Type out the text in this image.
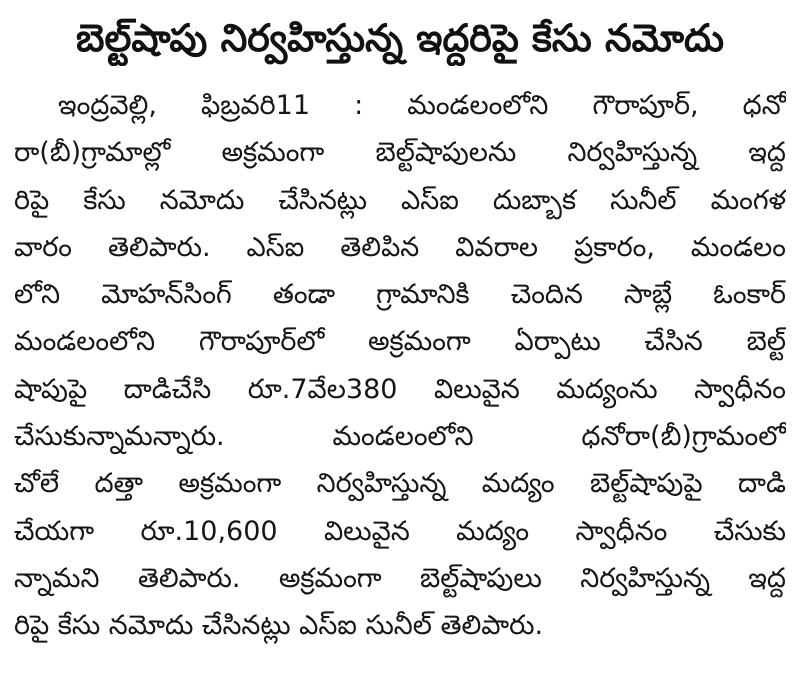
బెల్ట్‌షాపు నిర్వహిస్తున్న ఇద్దరిపై కేసు నమోదు
ఇంద్రవెల్లి, ఫిబ్రవరి11 : మండలంలోని గౌరాపూర్‌, ధనో
రా(బీ)గ్రామాల్లో అక్రమంగా బెల్ట్‌షాపులను నిర్వహిస్తున్న ఇద్ద
రిపై కేసు నమోదు చేసినట్లు ఎస్‌ఐ దుబ్బాక సునీల్‌ మంగళ
వారం తెలిపారు. ఎస్‌ఐ తెలిపిన వివరాల ప్రకారం, మండలం
లోని మోహన్‌సింగ్‌ తండా గ్రామానికి చెందిన సాబ్లే ఓంకార్‌
మండలంలోని గౌరాపూర్‌లో అక్రమంగా ఏర్పాటు చేసిన బెల్ట్‌
షాపుపై దాడిచేసి రూ.7వేల380 విలువైన మద్యంను స్వాధీనం
చేసుకున్నామన్నారు. మండలంలోని ధనోరా(బీ)గ్రామంలో
చోలే దత్తా అక్రమంగా నిర్వహిస్తున్న మద్యం బెల్ట్‌షాపుపై దాడి
చేయగా రూ.10,600 విలువైన మద్యం స్వాధీనం చేసుకు
న్నామని తెలిపారు. అక్రమంగా బెల్ట్‌షాపులు నిర్వహిస్తున్న ఇద్ద
రిపై కేసు నమోదు చేసినట్లు ఎస్‌ఐ సునీల్‌ తెలిపారు.
